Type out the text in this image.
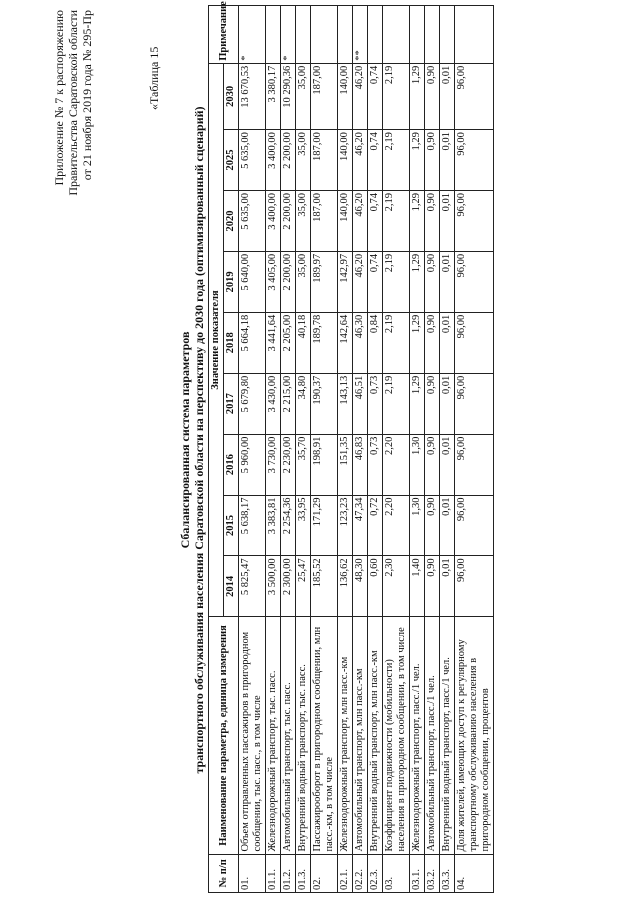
Приложение № 7 к распоряжению Правительства Саратовской области от 21 ноября 2019 года № 295-Пр	«Таблица 15
Сбалансированная система параметров транспортного обслуживания населения Саратовской области на перспективу до 2030 года (оптимизированный сценарий)
№ п/п	Наименование параметра, единица измерения	Значение показателя									Примечание
		2014	2015	2016	2017	2018	2019	2020	2025	2030	
01.	Объем отправленных пассажиров в пригородном сообщении, тыс. пасс., в том числе	5 825,47	5 638,17	5 960,00	5 679,80	5 664,18	5 640,00	5 635,00	5 635,00	13 670,53	*
01.1.	Железнодорожный транспорт, тыс. пасс.	3 500,00	3 383,81	3 730,00	3 430,00	3 441,64	3 405,00	3 400,00	3 400,00	3 380,17	
01.2.	Автомобильный транспорт, тыс. пасс.	2 300,00	2 254,36	2 230,00	2 215,00	2 205,00	2 200,00	2 200,00	2 200,00	10 290,36	*
01.3.	Внутренний водный транспорт, тыс. пасс.	25,47	33,95	35,70	34,80	40,18	35,00	35,00	35,00	35,00	
02.	Пассажирооборот в пригородном сообщении, млн пасс.-км, в том числе	185,52	171,29	198,91	190,37	189,78	189,97	187,00	187,00	187,00	
02.1.	Железнодорожный транспорт, млн пасс.-км	136,62	123,23	151,35	143,13	142,64	142,97	140,00	140,00	140,00	
02.2.	Автомобильный транспорт, млн пасс.-км	48,30	47,34	46,83	46,51	46,30	46,20	46,20	46,20	46,20	**
02.3.	Внутренний водный транспорт, млн пасс.-км	0,60	0,72	0,73	0,73	0,84	0,74	0,74	0,74	0,74	
03.	Коэффициент подвижности (мобильности) населения в пригородном сообщении, в том числе	2,30	2,20	2,20	2,19	2,19	2,19	2,19	2,19	2,19	
03.1.	Железнодорожный транспорт, пасс./1 чел.	1,40	1,30	1,30	1,29	1,29	1,29	1,29	1,29	1,29	
03.2.	Автомобильный транспорт, пасс./1 чел.	0,90	0,90	0,90	0,90	0,90	0,90	0,90	0,90	0,90	
03.3.	Внутренний водный транспорт, пасс./1 чел.	0,01	0,01	0,01	0,01	0,01	0,01	0,01	0,01	0,01	
04.	Доля жителей, имеющих доступ к регулярному транспортному обслуживанию населения в пригородном сообщении, процентов	96,00	96,00	96,00	96,00	96,00	96,00	96,00	96,00	96,00	
